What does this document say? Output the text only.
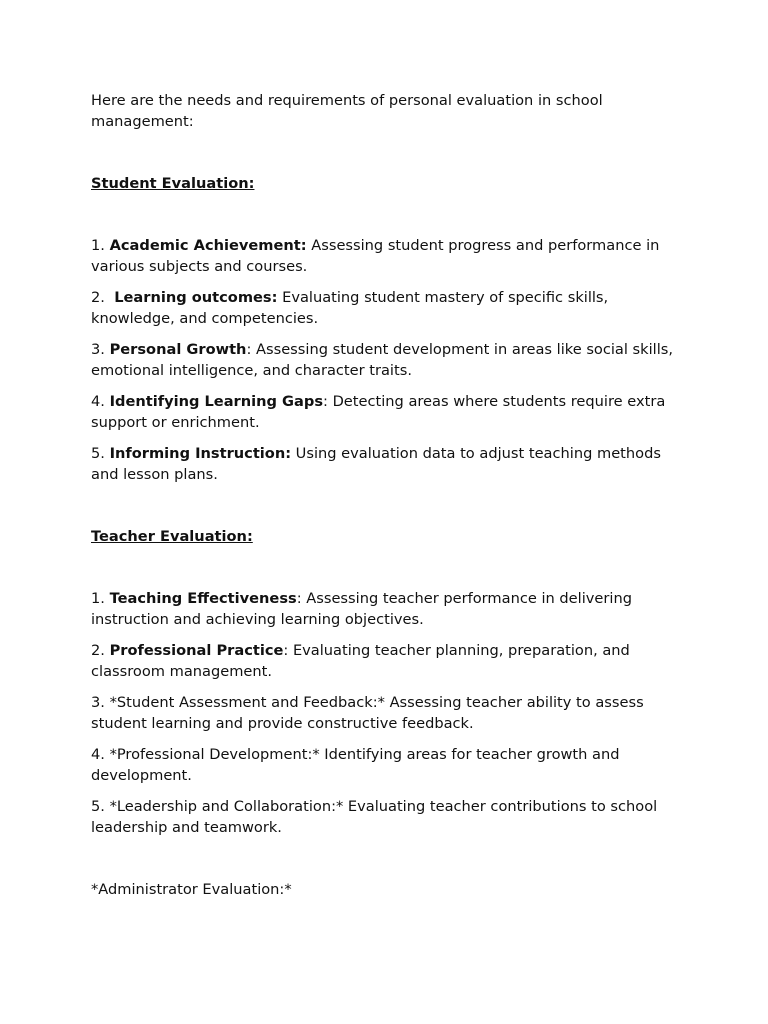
Here are the needs and requirements of personal evaluation in school management:

Student Evaluation:

1. Academic Achievement: Assessing student progress and performance in various subjects and courses.

2.  Learning outcomes: Evaluating student mastery of specific skills, knowledge, and competencies.

3. Personal Growth: Assessing student development in areas like social skills, emotional intelligence, and character traits.

4. Identifying Learning Gaps: Detecting areas where students require extra support or enrichment.

5. Informing Instruction: Using evaluation data to adjust teaching methods and lesson plans.

Teacher Evaluation:

1. Teaching Effectiveness: Assessing teacher performance in delivering instruction and achieving learning objectives.

2. Professional Practice: Evaluating teacher planning, preparation, and classroom management.

3. *Student Assessment and Feedback:* Assessing teacher ability to assess student learning and provide constructive feedback.

4. *Professional Development:* Identifying areas for teacher growth and development.

5. *Leadership and Collaboration:* Evaluating teacher contributions to school leadership and teamwork.

*Administrator Evaluation:*
